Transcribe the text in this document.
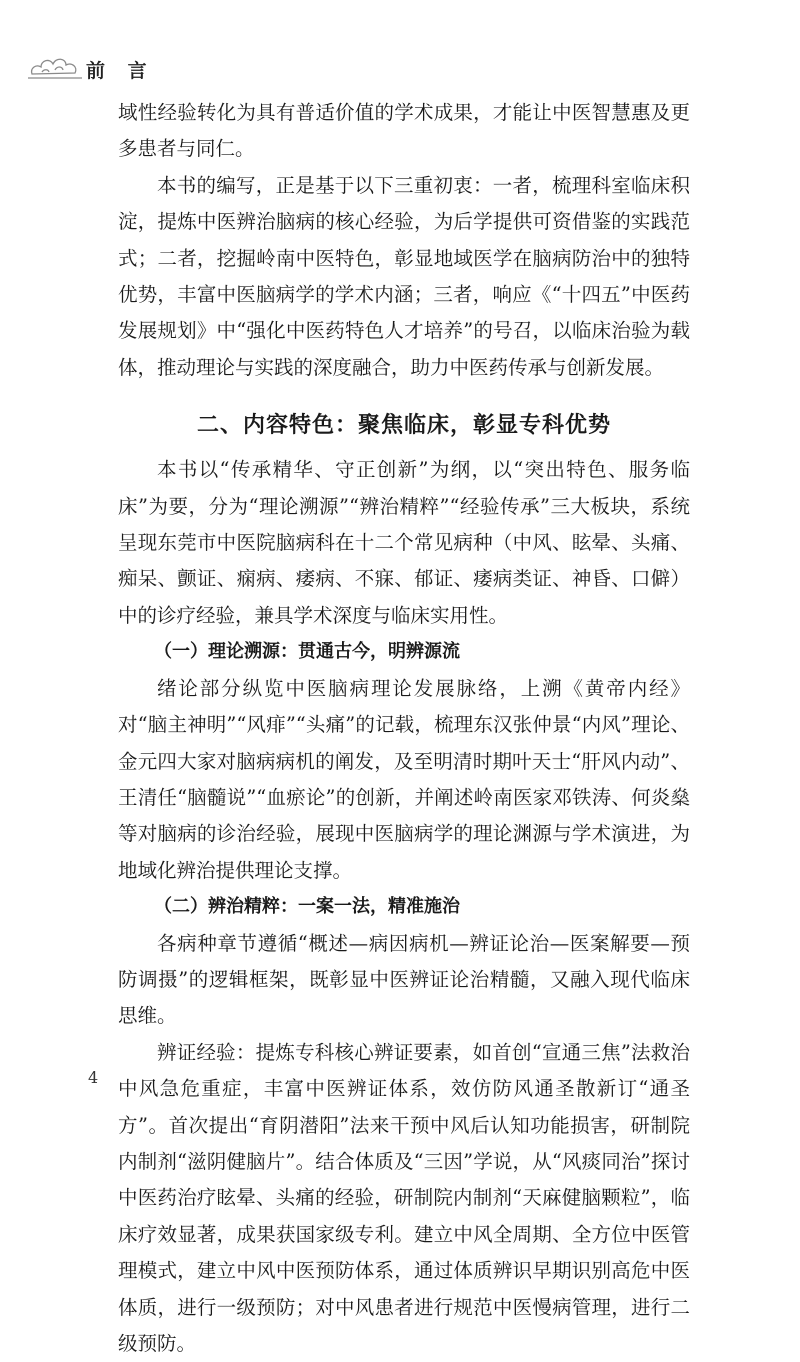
前 言

域性经验转化为具有普适价值的学术成果，才能让中医智慧惠及更多患者与同仁。

本书的编写，正是基于以下三重初衷：一者，梳理科室临床积淀，提炼中医辨治脑病的核心经验，为后学提供可资借鉴的实践范式；二者，挖掘岭南中医特色，彰显地域医学在脑病防治中的独特优势，丰富中医脑病学的学术内涵；三者，响应《“十四五”中医药发展规划》中“强化中医药特色人才培养”的号召，以临床治验为载体，推动理论与实践的深度融合，助力中医药传承与创新发展。

二、内容特色：聚焦临床，彰显专科优势

本书以“传承精华、守正创新”为纲，以“突出特色、服务临床”为要，分为“理论溯源”“辨治精粹”“经验传承”三大板块，系统呈现东莞市中医院脑病科在十二个常见病种（中风、眩晕、头痛、痴呆、颤证、痫病、痿病、不寐、郁证、痿病类证、神昏、口僻）中的诊疗经验，兼具学术深度与临床实用性。

（一）理论溯源：贯通古今，明辨源流

绪论部分纵览中医脑病理论发展脉络，上溯《黄帝内经》对“脑主神明”“风痱”“头痛”的记载，梳理东汉张仲景“内风”理论、金元四大家对脑病病机的阐发，及至明清时期叶天士“肝风内动”、王清任“脑髓说”“血瘀论”的创新，并阐述岭南医家邓铁涛、何炎燊等对脑病的诊治经验，展现中医脑病学的理论渊源与学术演进，为地域化辨治提供理论支撑。

（二）辨治精粹：一案一法，精准施治

各病种章节遵循“概述—病因病机—辨证论治—医案解要—预防调摄”的逻辑框架，既彰显中医辨证论治精髓，又融入现代临床思维。

辨证经验：提炼专科核心辨证要素，如首创“宣通三焦”法救治中风急危重症，丰富中医辨证体系，效仿防风通圣散新订“通圣方”。首次提出“育阴潜阳”法来干预中风后认知功能损害，研制院内制剂“滋阴健脑片”。结合体质及“三因”学说，从“风痰同治”探讨中医药治疗眩晕、头痛的经验，研制院内制剂“天麻健脑颗粒”，临床疗效显著，成果获国家级专利。建立中风全周期、全方位中医管理模式，建立中风中医预防体系，通过体质辨识早期识别高危中医体质，进行一级预防；对中风患者进行规范中医慢病管理，进行二级预防。

4
